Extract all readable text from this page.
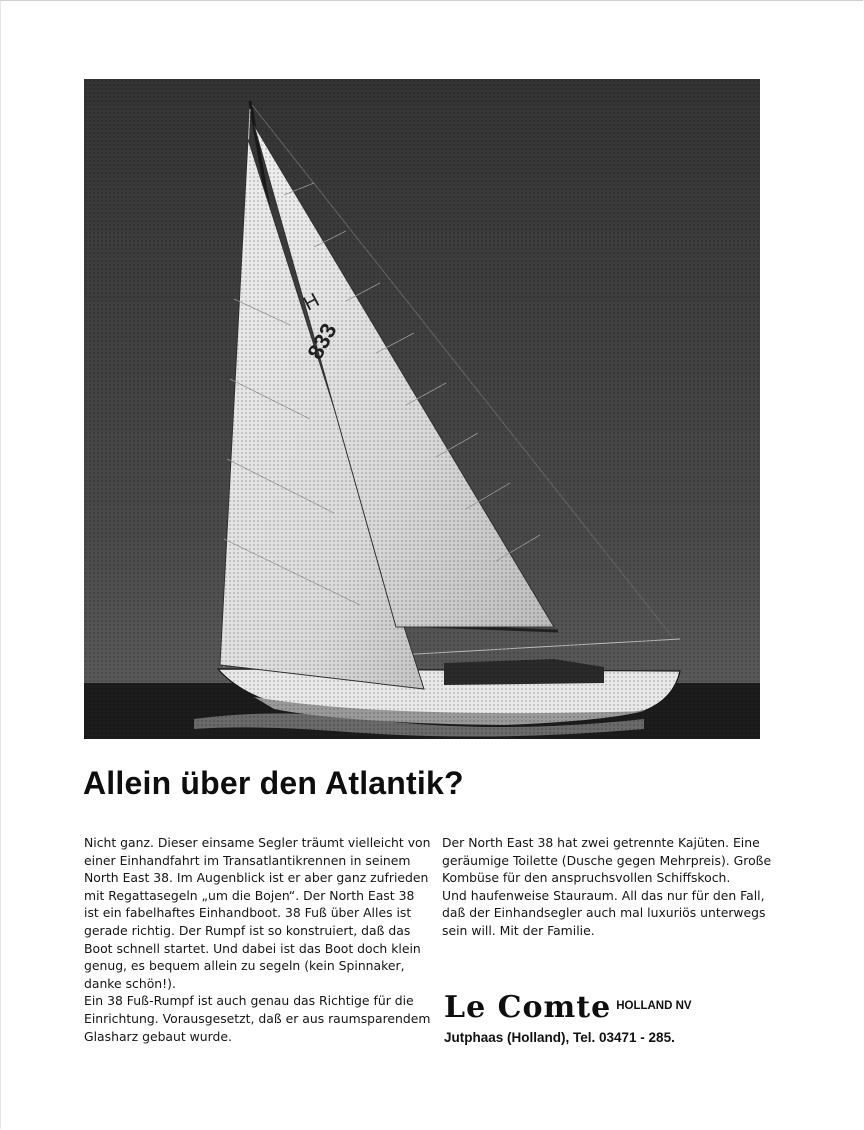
Allein über den Atlantik?

Nicht ganz. Dieser einsame Segler träumt vielleicht von

einer Einhandfahrt im Transatlantikrennen in seinem

North East 38. Im Augenblick ist er aber ganz zufrieden

mit Regattasegeln „um die Bojen“. Der North East 38

ist ein fabelhaftes Einhandboot. 38 Fuß über Alles ist

gerade richtig. Der Rumpf ist so konstruiert, daß das

Boot schnell startet. Und dabei ist das Boot doch klein

genug, es bequem allein zu segeln (kein Spinnaker,

danke schön!).

Ein 38 Fuß-Rumpf ist auch genau das Richtige für die

Einrichtung. Vorausgesetzt, daß er aus raumsparendem

Glasharz gebaut wurde.

Der North East 38 hat zwei getrennte Kajüten. Eine

geräumige Toilette (Dusche gegen Mehrpreis). Große

Kombüse für den anspruchsvollen Schiffskoch.

Und haufenweise Stauraum. All das nur für den Fall,

daß der Einhandsegler auch mal luxuriös unterwegs

sein will. Mit der Familie.

Le Comte HOLLAND NV
Jutphaas (Holland), Tel. 03471 - 285.
